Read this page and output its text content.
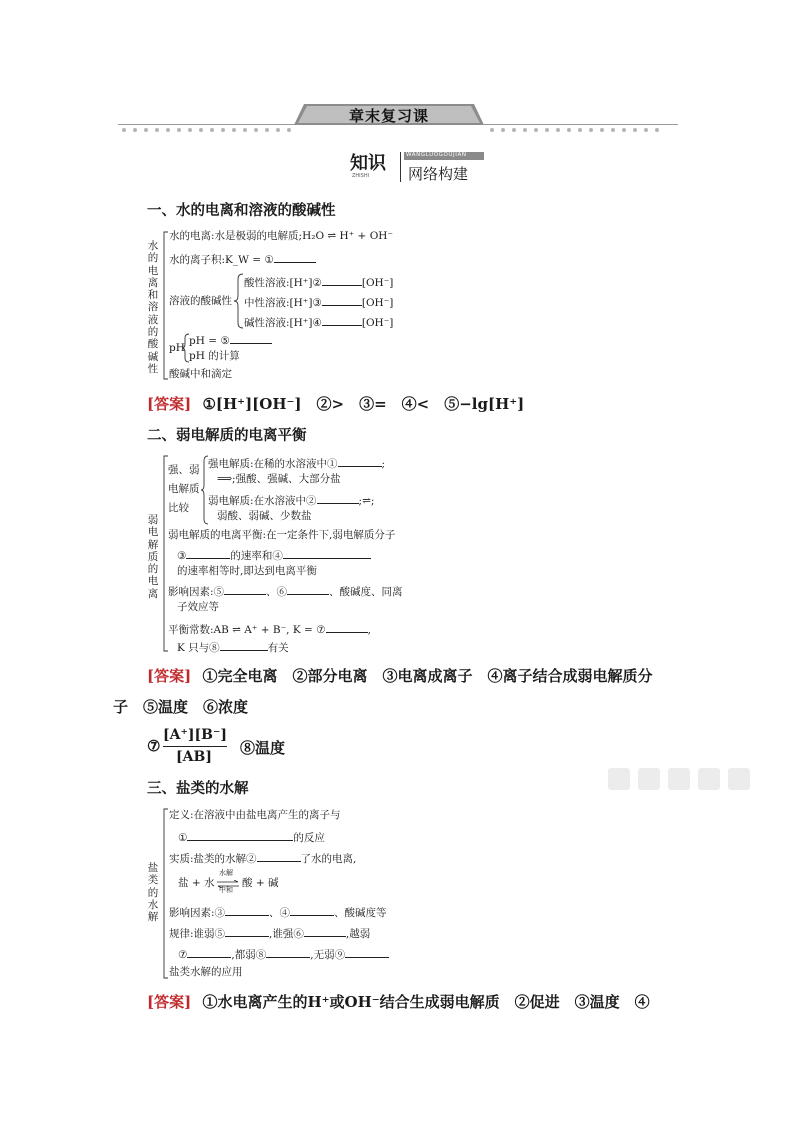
章末复习课
知识
ZHISHI
WANGLUOGOUJIAN
网络构建
一、水的电离和溶液的酸碱性
水的电离和溶液的酸碱性
水的电离:水是极弱的电解质;H₂O ⇌ H⁺ + OH⁻
水的离子积:K_W = ①
溶液的酸碱性
酸性溶液:[H⁺]②	[OH⁻]
中性溶液:[H⁺]③	[OH⁻]
碱性溶液:[H⁺]④	[OH⁻]
pH
pH = ⑤
pH 的计算
酸碱中和滴定
[答案] ①[H⁺][OH⁻]　②>　③=　④<　⑤−lg[H⁺]
二、弱电解质的电离平衡
弱电解质的电离
强、弱
电解质
比较
强电解质:在稀的水溶液中①	;
⟹;强酸、强碱、大部分盐
弱电解质:在水溶液中②	;⇌;
弱酸、弱碱、少数盐
弱电解质的电离平衡:在一定条件下,弱电解质分子
③	的速率和④
的速率相等时,即达到电离平衡
影响因素:⑤	、⑥	、酸碱度、同离
子效应等
平衡常数:AB ⇌ A⁺ + B⁻, K = ⑦	,
K 只与⑧	有关
[答案] ①完全电离　②部分电离　③电离成离子　④离子结合成弱电解质分
子　⑤温度　⑥浓度
⑦
[A⁺][B⁻]
[AB] ⑧温度
三、盐类的水解
盐类的水解
定义:在溶液中由盐电离产生的离子与
①	的反应
实质:盐类的水解②	了水的电离,
盐 + 水
水解
中和
酸 + 碱
影响因素:③	、④	、酸碱度等
规律:谁弱⑤	,谁强⑥	,越弱
⑦	,都弱⑧	,无弱⑨
盐类水解的应用
[答案] ①水电离产生的H⁺或OH⁻结合生成弱电解质　②促进　③温度　④
